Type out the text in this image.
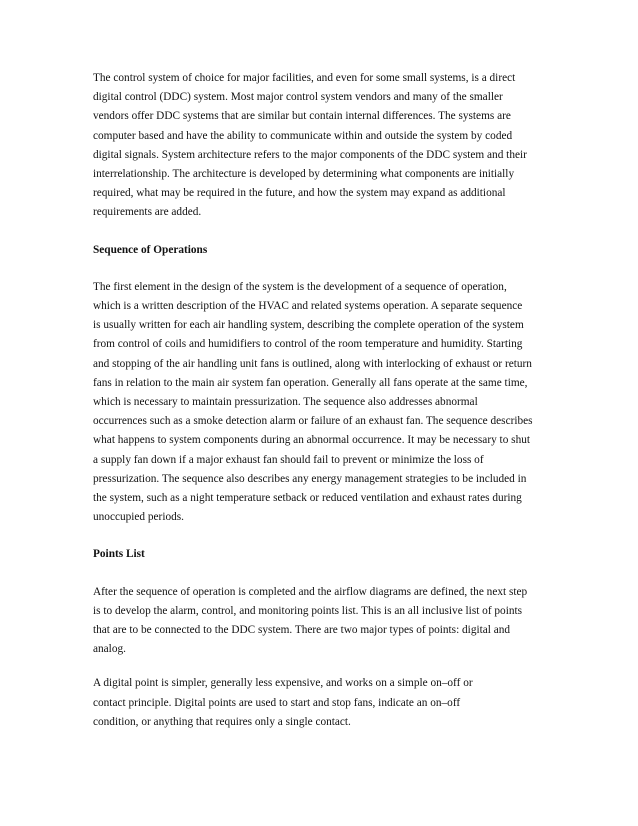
The control system of choice for major facilities, and even for some small systems, is a direct
digital control (DDC) system. Most major control system vendors and many of the smaller
vendors offer DDC systems that are similar but contain internal differences. The systems are
computer based and have the ability to communicate within and outside the system by coded
digital signals. System architecture refers to the major components of the DDC system and their
interrelationship. The architecture is developed by determining what components are initially
required, what may be required in the future, and how the system may expand as additional
requirements are added.
Sequence of Operations
The first element in the design of the system is the development of a sequence of operation,
which is a written description of the HVAC and related systems operation. A separate sequence
is usually written for each air handling system, describing the complete operation of the system
from control of coils and humidifiers to control of the room temperature and humidity. Starting
and stopping of the air handling unit fans is outlined, along with interlocking of exhaust or return
fans in relation to the main air system fan operation. Generally all fans operate at the same time,
which is necessary to maintain pressurization. The sequence also addresses abnormal
occurrences such as a smoke detection alarm or failure of an exhaust fan. The sequence describes
what happens to system components during an abnormal occurrence. It may be necessary to shut
a supply fan down if a major exhaust fan should fail to prevent or minimize the loss of
pressurization. The sequence also describes any energy management strategies to be included in
the system, such as a night temperature setback or reduced ventilation and exhaust rates during
unoccupied periods.
Points List
After the sequence of operation is completed and the airflow diagrams are defined, the next step
is to develop the alarm, control, and monitoring points list. This is an all inclusive list of points
that are to be connected to the DDC system. There are two major types of points: digital and
analog.
A digital point is simpler, generally less expensive, and works on a simple on–off or
contact principle. Digital points are used to start and stop fans, indicate an on–off
condition, or anything that requires only a single contact.
